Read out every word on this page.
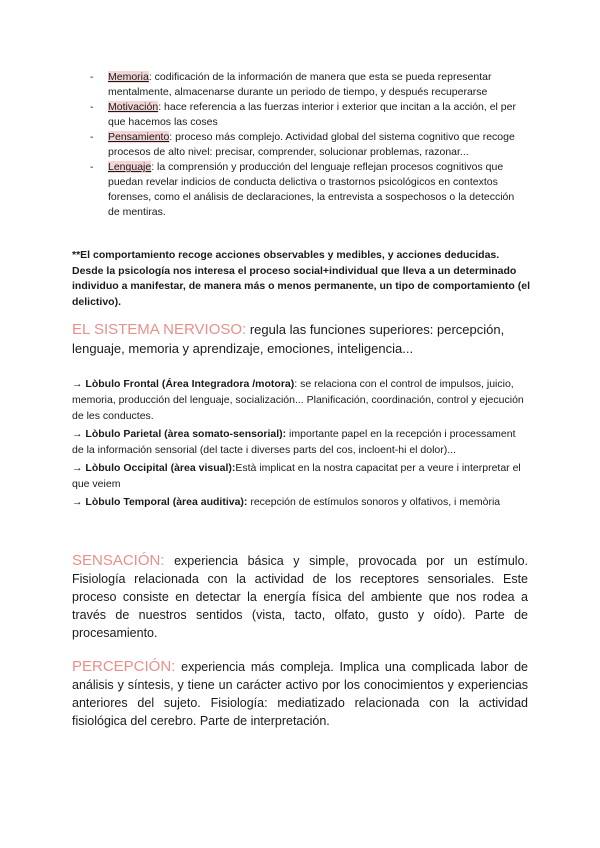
- Memoria: codificación de la información de manera que esta se pueda representar mentalmente, almacenarse durante un periodo de tiempo, y después recuperarse
- Motivación: hace referencia a las fuerzas interior i exterior que incitan a la acción, el per que hacemos las coses
- Pensamiento: proceso más complejo. Actividad global del sistema cognitivo que recoge procesos de alto nivel: precisar, comprender, solucionar problemas, razonar...
- Lenguaje: la comprensión y producción del lenguaje reflejan procesos cognitivos que puedan revelar indicios de conducta delictiva o trastornos psicológicos en contextos forenses, como el análisis de declaraciones, la entrevista a sospechosos o la detección de mentiras.
**El comportamiento recoge acciones observables y medibles, y acciones deducidas. Desde la psicología nos interesa el proceso social+individual que lleva a un determinado individuo a manifestar, de manera más o menos permanente, un tipo de comportamiento (el delictivo).
EL SISTEMA NERVIOSO: regula las funciones superiores: percepción, lenguaje, memoria y aprendizaje, emociones, inteligencia...
→ Lòbulo Frontal (Área Integradora /motora): se relaciona con el control de impulsos, juicio, memoria, producción del lenguaje, socialización... Planificación, coordinación, control y ejecución de les conductes.
→ Lòbulo Parietal (àrea somato-sensorial): importante papel en la recepción i processament de la información sensorial (del tacte i diverses parts del cos, incloent-hi el dolor)...
→ Lòbulo Occipital (àrea visual):Està implicat en la nostra capacitat per a veure i interpretar el que veiem
→ Lòbulo Temporal (àrea auditiva): recepción de estímulos sonoros y olfativos, i memòria
SENSACIÓN: experiencia básica y simple, provocada por un estímulo. Fisiología relacionada con la actividad de los receptores sensoriales. Este proceso consiste en detectar la energía física del ambiente que nos rodea a través de nuestros sentidos (vista, tacto, olfato, gusto y oído). Parte de procesamiento.
PERCEPCIÓN: experiencia más compleja. Implica una complicada labor de análisis y síntesis, y tiene un carácter activo por los conocimientos y experiencias anteriores del sujeto. Fisiología: mediatizado relacionada con la actividad fisiológica del cerebro. Parte de interpretación.
